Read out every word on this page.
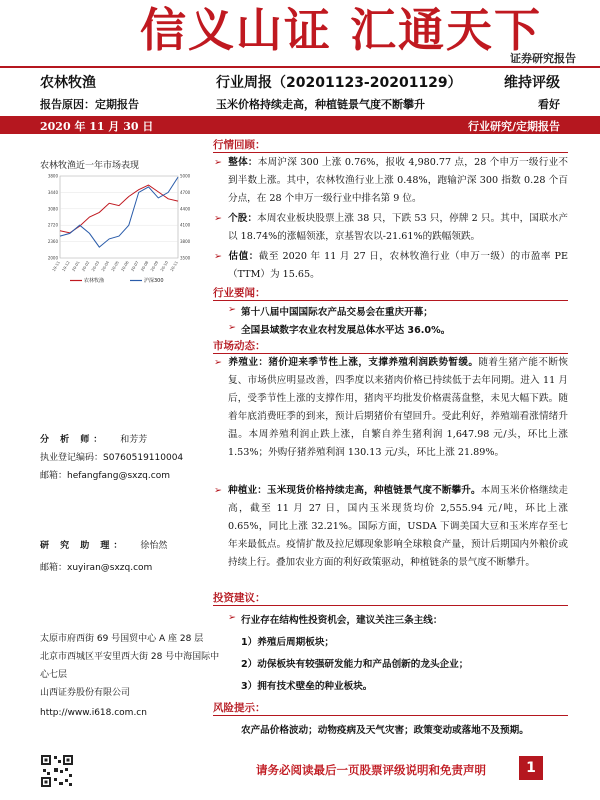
信义山证 汇通天下
证券研究报告
农林牧渔	行业周报（20201123-20201129）	维持评级
报告原因：定期报告	玉米价格持续走高，种植链景气度不断攀升	看好
2020 年 11 月 30 日	行业研究/定期报告
农林牧渔近一年市场表现
2000	3500
2360	3800
2720	4100
3080	4400
3440	4700
3800	5000
19-11 19-12 20-01 20-02 20-03 20-04 20-05 20-06 20-07 20-08 20-09 20-10 20-11
农林牧渔	沪深300
分 析 师： 和芳芳
执业登记编码：S0760519110004
邮箱：hefangfang@sxzq.com
研 究 助 理： 徐怡然
邮箱：xuyiran@sxzq.com
太原市府西街 69 号国贸中心 A 座 28 层
北京市西城区平安里西大街 28 号中海国际中心七层
山西证券股份有限公司
http://www.i618.com.cn
行情回顾：
➢ 整体：本周沪深 300 上涨 0.76%，报收 4,980.77 点，28 个申万一级行业不到半数上涨。其中，农林牧渔行业上涨 0.48%，跑输沪深 300 指数 0.28 个百分点，在 28 个申万一级行业中排名第 9 位。
➢ 个股：本周农业板块股票上涨 38 只，下跌 53 只，停牌 2 只。其中，国联水产以 18.74%的涨幅领涨，京基智农以-21.61%的跌幅领跌。
➢ 估值：截至 2020 年 11 月 27 日，农林牧渔行业（申万一级）的市盈率 PE（TTM）为 15.65。
行业要闻：
➢ 第十八届中国国际农产品交易会在重庆开幕；
➢ 全国县域数字农业农村发展总体水平达 36.0%。
市场动态：
➢ 养殖业：猪价迎来季节性上涨，支撑养殖利润跌势暂缓。随着生猪产能不断恢复、市场供应明显改善，四季度以来猪肉价格已持续低于去年同期。进入 11 月后，受季节性上涨的支撑作用，猪肉平均批发价格震荡盘整，未见大幅下跌。随着年底消费旺季的到来，预计后期猪价有望回升。受此利好，养殖端看涨情绪升温。本周养殖利润止跌上涨，自繁自养生猪利润 1,647.98 元/头，环比上涨 1.53%；外购仔猪养殖利润 130.13 元/头，环比上涨 21.89%。
➢ 种植业：玉米现货价格持续走高，种植链景气度不断攀升。本周玉米价格继续走高，截至 11 月 27 日，国内玉米现货均价 2,555.94 元/吨，环比上涨 0.65%，同比上涨 32.21%。国际方面，USDA 下调美国大豆和玉米库存至七年来最低点。疫情扩散及拉尼娜现象影响全球粮食产量，预计后期国内外粮价或持续上行。叠加农业方面的利好政策驱动，种植链条的景气度不断攀升。
投资建议：
➢ 行业存在结构性投资机会，建议关注三条主线：
1）养殖后周期板块；
2）动保板块有较强研发能力和产品创新的龙头企业；
3）拥有技术壁垒的种业板块。
风险提示：
农产品价格波动；动物疫病及天气灾害；政策变动或落地不及预期。
请务必阅读最后一页股票评级说明和免责声明	1
